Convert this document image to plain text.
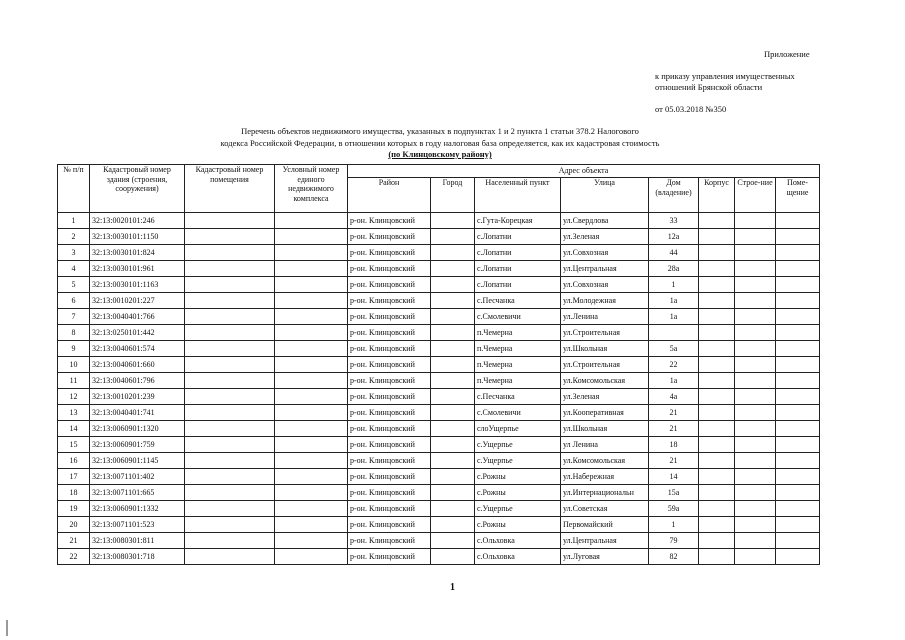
Приложение
к приказу управления имущественных
отношений Брянской области
от 05.03.2018 №350
Перечень объектов недвижимого имущества, указанных в подпунктах 1 и 2 пункта 1 статьи 378.2 Налогового
кодекса Российской Федерации, в отношении которых в году налоговая база определяется, как их кадастровая стоимость
(по Клинцовскому району)
№ п/п	Кадастровый номер здания (строения, сооружения)	Кадастровый номер помещения	Условный номер единого недвижимого комплекса	Адрес объекта							
				Район	Город	Населенный пункт	Улица	Дом (владение)	Корпус	Строе-ние	Поме-щение
1	32:13:0020101:246			р-он. Клинцовский		с.Гута-Корецкая	ул.Свердлова	33			
2	32:13:0030101:1150			р-он. Клинцовский		с.Лопатни	ул.Зеленая	12а			
3	32:13:0030101:824			р-он. Клинцовский		с.Лопатни	ул.Совхозная	44			
4	32:13:0030101:961			р-он. Клинцовский		с.Лопатни	ул.Центральная	28а			
5	32:13:0030101:1163			р-он. Клинцовский		с.Лопатни	ул.Совхозная	1			
6	32:13:0010201:227			р-он. Клинцовский		с.Песчанка	ул.Молодежная	1а			
7	32:13:0040401:766			р-он. Клинцовский		с.Смолевичи	ул.Ленина	1а			
8	32:13:0250101:442			р-он. Клинцовский		п.Чемерна	ул.Строительная				
9	32:13:0040601:574			р-он. Клинцовский		п.Чемерна	ул.Школьная	5а			
10	32:13:0040601:660			р-он. Клинцовский		п.Чемерна	ул.Строительная	22			
11	32:13:0040601:796			р-он. Клинцовский		п.Чемерна	ул.Комсомольская	1а			
12	32:13:0010201:239			р-он. Клинцовский		с.Песчанка	ул.Зеленая	4а			
13	32:13:0040401:741			р-он. Клинцовский		с.Смолевичи	ул.Кооперативная	21			
14	32:13:0060901:1320			р-он. Клинцовский		слоУщерпье	ул.Школьная	21			
15	32:13:0060901:759			р-он. Клинцовский		с.Ущерпье	ул Ленина	18			
16	32:13:0060901:1145			р-он. Клинцовский		с.Ущерпье	ул.Комсомольская	21			
17	32:13:0071101:402			р-он. Клинцовский		с.Рожны	ул.Набережная	14			
18	32:13:0071101:665			р-он. Клинцовский		с.Рожны	ул.Интернациональн	15а			
19	32:13:0060901:1332			р-он. Клинцовский		с.Ущерпье	ул.Советская	59а			
20	32:13:0071101:523			р-он. Клинцовский		с.Рожны	Первомайский	1			
21	32:13:0080301:811			р-он. Клинцовский		с.Ольховка	ул.Центральная	79			
22	32:13:0080301:718			р-он. Клинцовский		с.Ольховка	ул.Луговая	82			
1
